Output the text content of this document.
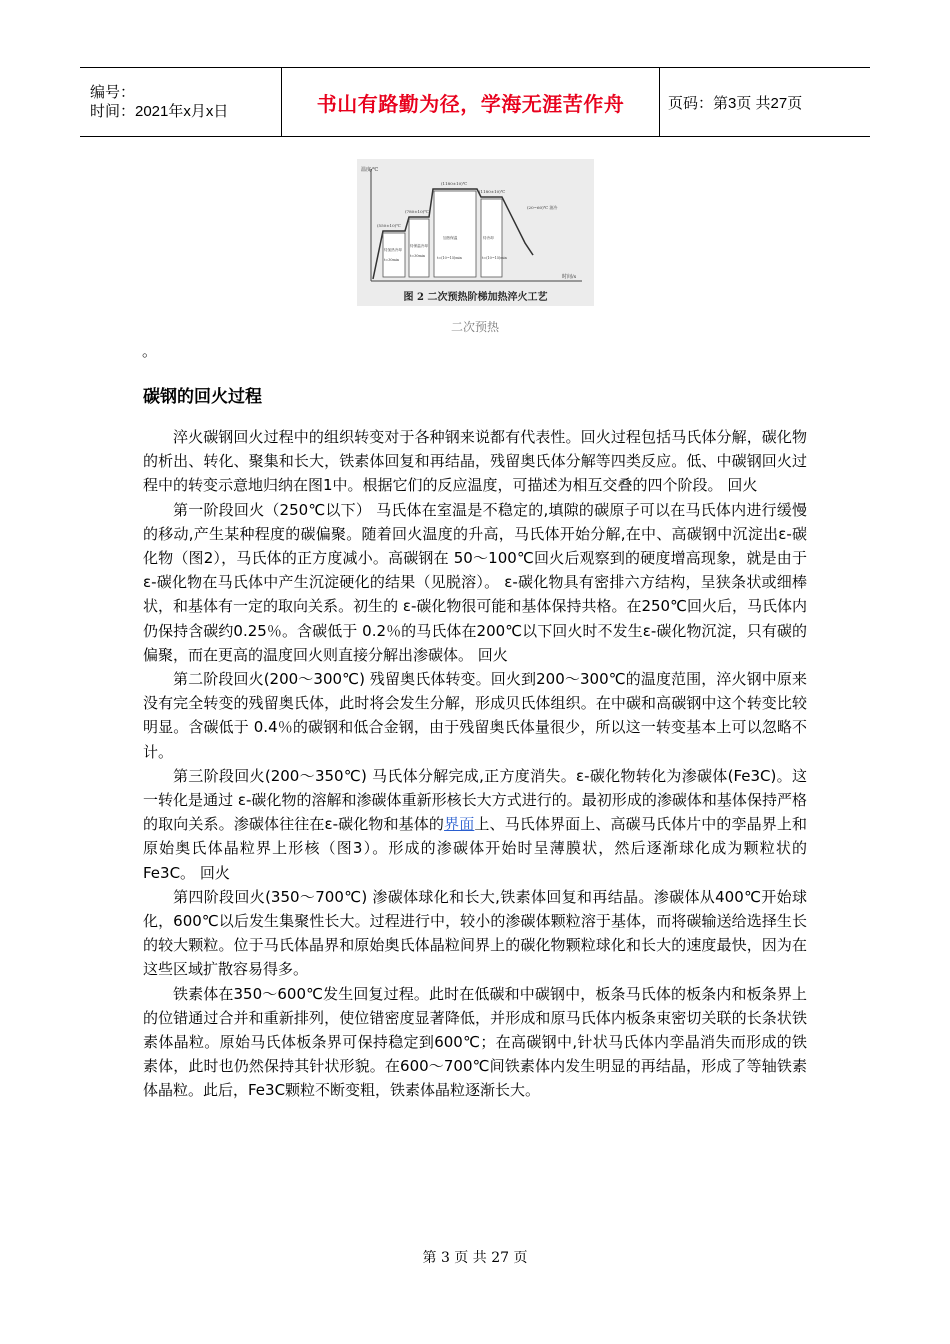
编号：
时间：2021年x月x日	书山有路勤为径，学海无涯苦作舟	页码：第3页 共27页
温度/℃
时间/s
待加热冷却
t=30min
待保温冷却
t=30min
加热保温
t=(10~15)min
待冷却
t=(10~15)min
(550±10)℃
(780±10)℃
(1180±10)℃
(1180±10)℃
(20~60)℃ 油冷
图 2 二次预热阶梯加热淬火工艺
二次预热
。
碳钢的回火过程

淬火碳钢回火过程中的组织转变对于各种钢来说都有代表性。回火过程包括马氏体分解，碳化物的析出、转化、聚集和长大，铁素体回复和再结晶，残留奥氏体分解等四类反应。低、中碳钢回火过程中的转变示意地归纳在图1中。根据它们的反应温度，可描述为相互交叠的四个阶段。 回火

第一阶段回火（250℃以下） 马氏体在室温是不稳定的,填隙的碳原子可以在马氏体内进行缓慢的移动,产生某种程度的碳偏聚。随着回火温度的升高，马氏体开始分解,在中、高碳钢中沉淀出ε-碳化物（图2），马氏体的正方度减小。高碳钢在 50～100℃回火后观察到的硬度增高现象，就是由于ε-碳化物在马氏体中产生沉淀硬化的结果（见脱溶）。 ε-碳化物具有密排六方结构，呈狭条状或细棒状，和基体有一定的取向关系。初生的 ε-碳化物很可能和基体保持共格。在250℃回火后，马氏体内仍保持含碳约0.25％。含碳低于 0.2％的马氏体在200℃以下回火时不发生ε-碳化物沉淀，只有碳的偏聚，而在更高的温度回火则直接分解出渗碳体。 回火

第二阶段回火(200～300℃) 残留奥氏体转变。回火到200～300℃的温度范围，淬火钢中原来没有完全转变的残留奥氏体，此时将会发生分解，形成贝氏体组织。在中碳和高碳钢中这个转变比较明显。含碳低于 0.4％的碳钢和低合金钢，由于残留奥氏体量很少，所以这一转变基本上可以忽略不计。

第三阶段回火(200～350℃) 马氏体分解完成,正方度消失。ε-碳化物转化为渗碳体(Fe3C)。这一转化是通过 ε-碳化物的溶解和渗碳体重新形核长大方式进行的。最初形成的渗碳体和基体保持严格的取向关系。渗碳体往往在ε-碳化物和基体的界面上、马氏体界面上、高碳马氏体片中的孪晶界上和原始奥氏体晶粒界上形核（图3）。形成的渗碳体开始时呈薄膜状，然后逐渐球化成为颗粒状的Fe3C。 回火

第四阶段回火(350～700℃) 渗碳体球化和长大,铁素体回复和再结晶。渗碳体从400℃开始球化，600℃以后发生集聚性长大。过程进行中，较小的渗碳体颗粒溶于基体，而将碳输送给选择生长的较大颗粒。位于马氏体晶界和原始奥氏体晶粒间界上的碳化物颗粒球化和长大的速度最快，因为在这些区域扩散容易得多。

铁素体在350～600℃发生回复过程。此时在低碳和中碳钢中，板条马氏体的板条内和板条界上的位错通过合并和重新排列，使位错密度显著降低，并形成和原马氏体内板条束密切关联的长条状铁素体晶粒。原始马氏体板条界可保持稳定到600℃；在高碳钢中,针状马氏体内孪晶消失而形成的铁素体，此时也仍然保持其针状形貌。在600～700℃间铁素体内发生明显的再结晶，形成了等轴铁素体晶粒。此后，Fe3C颗粒不断变粗，铁素体晶粒逐渐长大。

第 3 页 共 27 页
